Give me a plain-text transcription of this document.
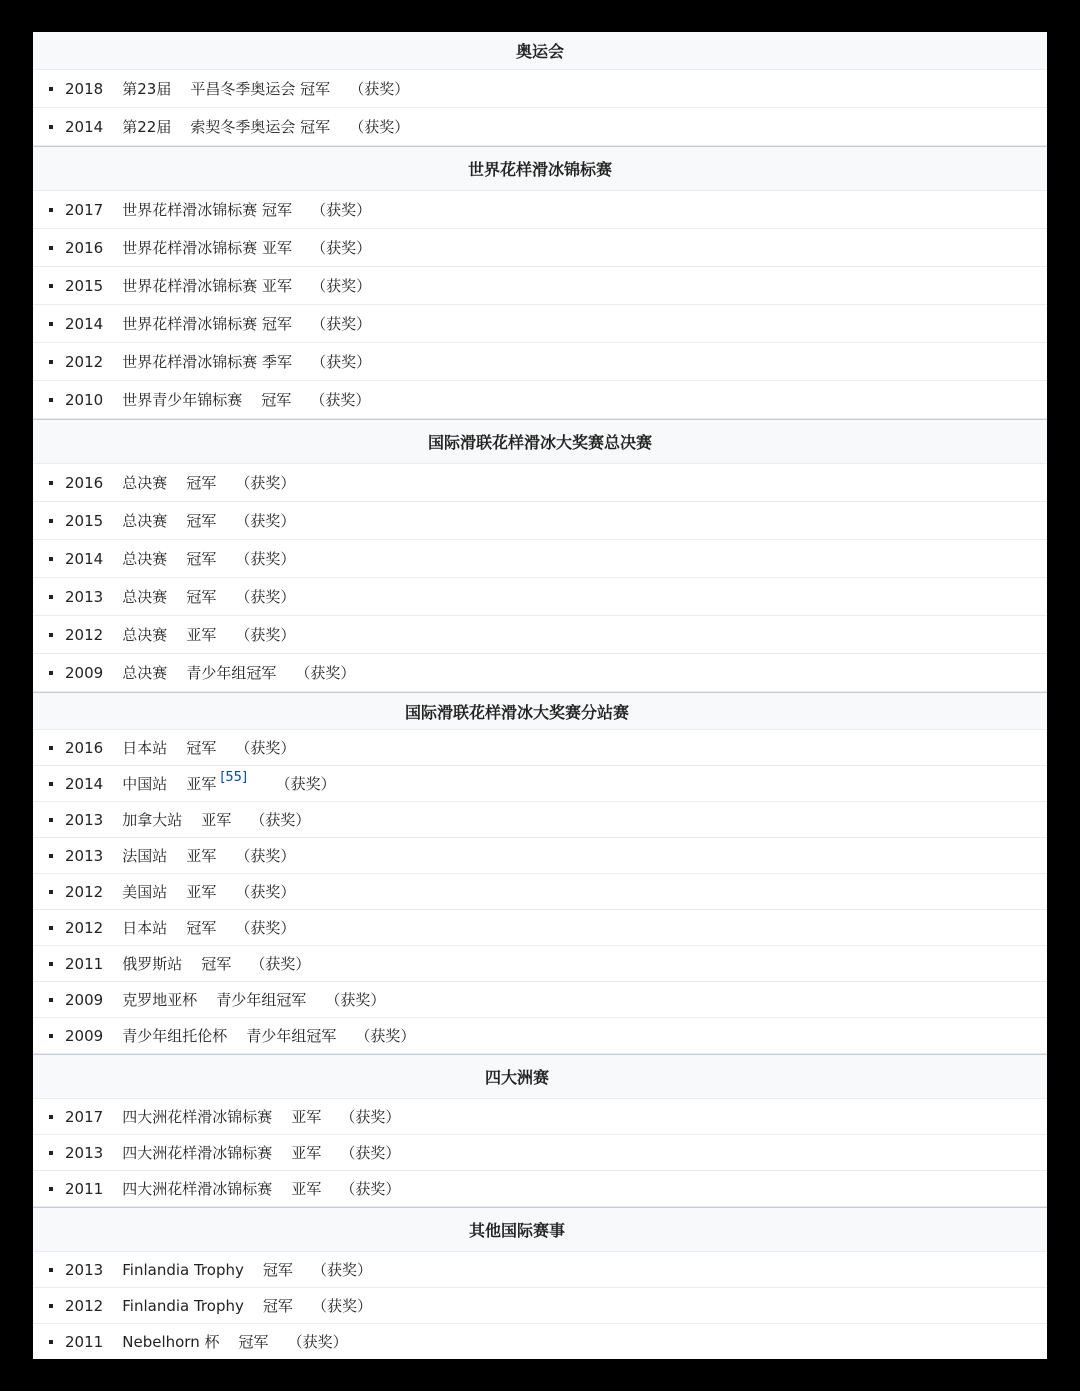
奥运会
2018    第23届    平昌冬季奥运会 冠军    （获奖）
2014    第22届    索契冬季奥运会 冠军    （获奖）
世界花样滑冰锦标赛
2017    世界花样滑冰锦标赛 冠军    （获奖）
2016    世界花样滑冰锦标赛 亚军    （获奖）
2015    世界花样滑冰锦标赛 亚军    （获奖）
2014    世界花样滑冰锦标赛 冠军    （获奖）
2012    世界花样滑冰锦标赛 季军    （获奖）
2010    世界青少年锦标赛    冠军    （获奖）
国际滑联花样滑冰大奖赛总决赛
2016    总决赛    冠军    （获奖）
2015    总决赛    冠军    （获奖）
2014    总决赛    冠军    （获奖）
2013    总决赛    冠军    （获奖）
2012    总决赛    亚军    （获奖）
2009    总决赛    青少年组冠军    （获奖）
国际滑联花样滑冰大奖赛分站赛
2016    日本站    冠军    （获奖）
2014    中国站    亚军 [55] （获奖）
2013    加拿大站    亚军    （获奖）
2013    法国站    亚军    （获奖）
2012    美国站    亚军    （获奖）
2012    日本站    冠军    （获奖）
2011    俄罗斯站    冠军    （获奖）
2009    克罗地亚杯    青少年组冠军    （获奖）
2009    青少年组托伦杯    青少年组冠军    （获奖）
四大洲赛
2017    四大洲花样滑冰锦标赛    亚军    （获奖）
2013    四大洲花样滑冰锦标赛    亚军    （获奖）
2011    四大洲花样滑冰锦标赛    亚军    （获奖）
其他国际赛事
2013    Finlandia Trophy    冠军    （获奖）
2012    Finlandia Trophy    冠军    （获奖）
2011    Nebelhorn 杯    冠军    （获奖）
